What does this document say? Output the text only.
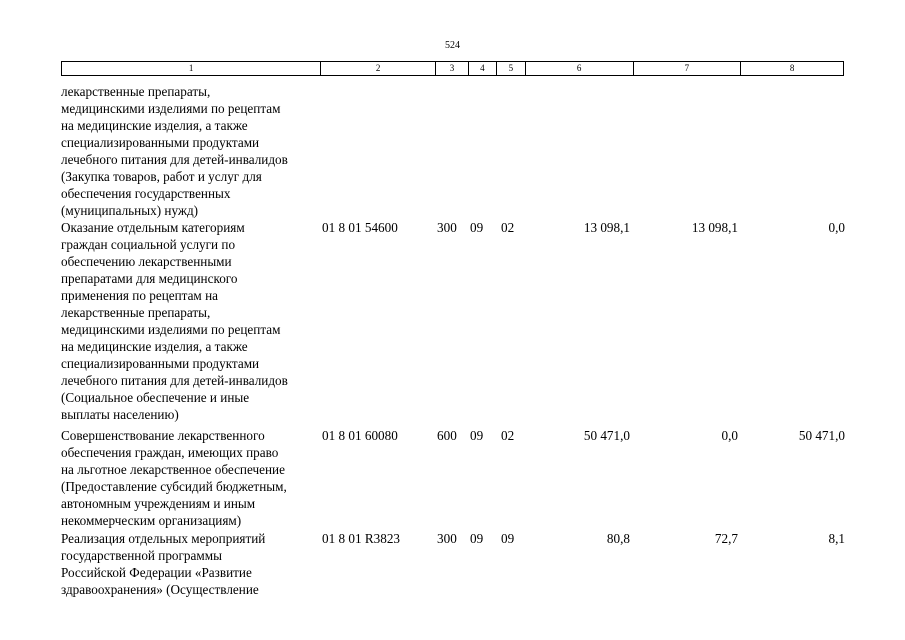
524
1	2	3	4	5	6	7	8
лекарственные препараты,
медицинскими изделиями по рецептам
на медицинские изделия, а также
специализированными продуктами
лечебного питания для детей-инвалидов
(Закупка товаров, работ и услуг для
обеспечения государственных
(муниципальных) нужд)
Оказание отдельным категориям
граждан социальной услуги по
обеспечению лекарственными
препаратами для медицинского
применения по рецептам на
лекарственные препараты,
медицинскими изделиями по рецептам
на медицинские изделия, а также
специализированными продуктами
лечебного питания для детей-инвалидов
(Социальное обеспечение и иные
выплаты населению)
01 8 01 54600	300 09 02	13 098,1	13 098,1	0,0
Совершенствование лекарственного
обеспечения граждан, имеющих право
на льготное лекарственное обеспечение
(Предоставление субсидий бюджетным,
автономным учреждениям и иным
некоммерческим организациям)
01 8 01 60080	600 09 02	50 471,0	0,0	50 471,0
Реализация отдельных мероприятий
государственной программы
Российской Федерации «Развитие
здравоохранения» (Осуществление
01 8 01 R3823	300 09 09	80,8	72,7	8,1
